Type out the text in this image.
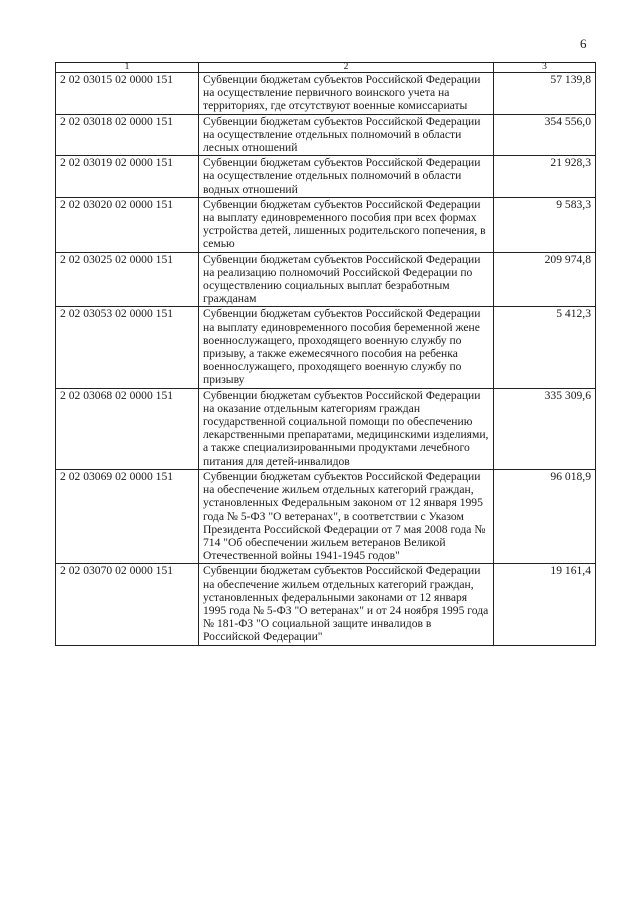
6
1	2	3
2 02 03015 02 0000 151	Субвенции бюджетам субъектов Российской Федерации на осуществление первичного воинского учета на территориях, где отсутствуют военные комиссариаты	57 139,8
2 02 03018 02 0000 151	Субвенции бюджетам субъектов Российской Федерации на осуществление отдельных полномочий в области лесных отношений	354 556,0
2 02 03019 02 0000 151	Субвенции бюджетам субъектов Российской Федерации на осуществление отдельных полномочий в области водных отношений	21 928,3
2 02 03020 02 0000 151	Субвенции бюджетам субъектов Российской Федерации на выплату единовременного пособия при всех формах устройства детей, лишенных родительского попечения, в семью	9 583,3
2 02 03025 02 0000 151	Субвенции бюджетам субъектов Российской Федерации на реализацию полномочий Российской Федерации по осуществлению социальных выплат безработным гражданам	209 974,8
2 02 03053 02 0000 151	Субвенции бюджетам субъектов Российской Федерации на выплату единовременного пособия беременной жене военнослужащего, проходящего военную службу по призыву, а также ежемесячного пособия на ребенка военнослужащего, проходящего военную службу по призыву	5 412,3
2 02 03068 02 0000 151	Субвенции бюджетам субъектов Российской Федерации на оказание отдельным категориям граждан государственной социальной помощи по обеспечению лекарственными препаратами, медицинскими изделиями, а также специализированными продуктами лечебного питания для детей-инвалидов	335 309,6
2 02 03069 02 0000 151	Субвенции бюджетам субъектов Российской Федерации на обеспечение жильем отдельных категорий граждан, установленных Федеральным законом от 12 января 1995 года № 5-ФЗ "О ветеранах", в соответствии с Указом Президента Российской Федерации от 7 мая 2008 года № 714 "Об обеспечении жильем ветеранов Великой Отечественной войны 1941-1945 годов"	96 018,9
2 02 03070 02 0000 151	Субвенции бюджетам субъектов Российской Федерации на обеспечение жильем отдельных категорий граждан, установленных федеральными законами от 12 января 1995 года № 5-ФЗ "О ветеранах" и от 24 ноября 1995 года № 181-ФЗ "О социальной защите инвалидов в Российской Федерации"	19 161,4
